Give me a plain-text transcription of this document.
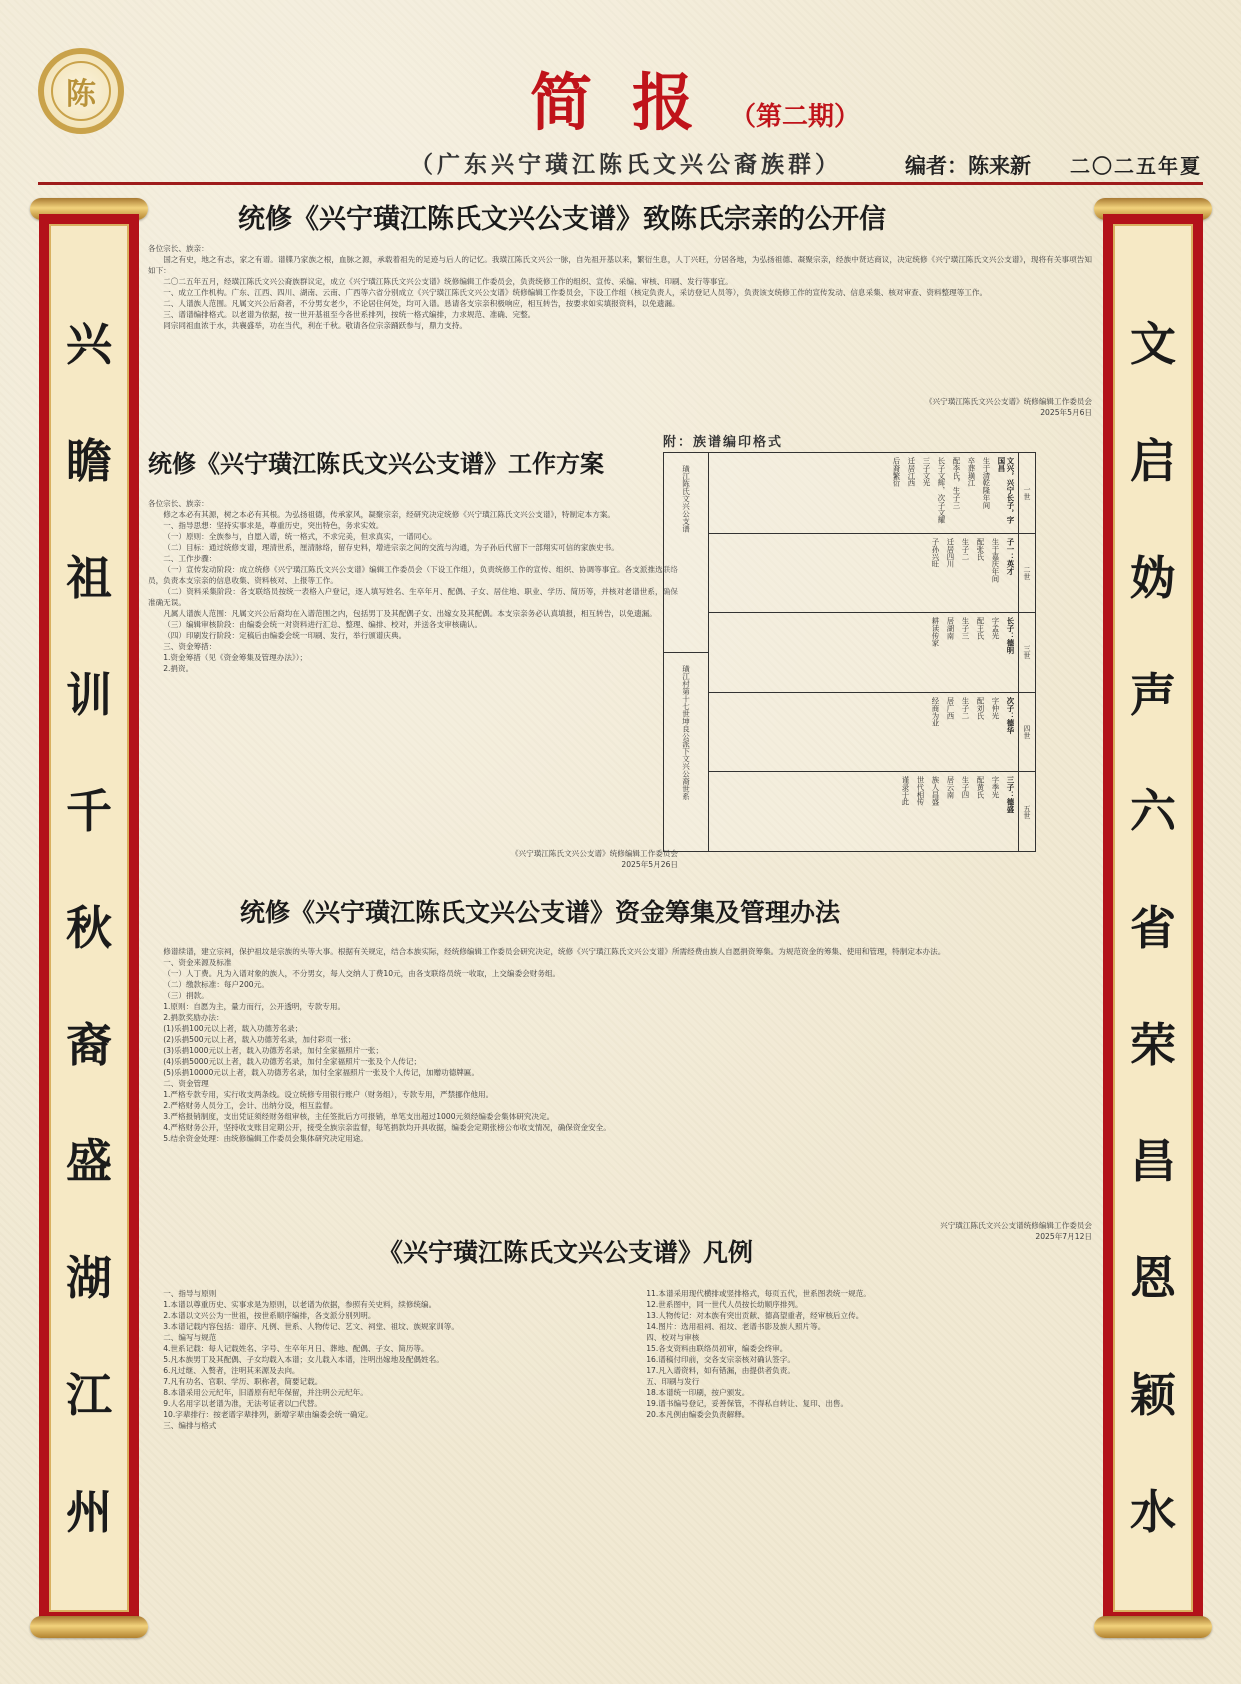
陈	简报
（第二期）
（广东兴宁璜江陈氏文兴公裔族群）	编者：陈来新 二〇二五年夏
兴
瞻
祖
训
千
秋
裔
盛
湖
江
州
文
启
妫
声
六
省
荣
昌
恩
颖
水
统修《兴宁璜江陈氏文兴公支谱》致陈氏宗亲的公开信

各位宗长、族亲：

国之有史，地之有志，家之有谱。谱牒乃家族之根，血脉之源，承载着祖先的足迹与后人的记忆。我璜江陈氏文兴公一脉，自先祖开基以来，繁衍生息，人丁兴旺，分居各地，为弘扬祖德、凝聚宗亲，经族中贤达商议，决定统修《兴宁璜江陈氏文兴公支谱》，现将有关事项告知如下：

二〇二五年五月，经璜江陈氏文兴公裔族群议定，成立《兴宁璜江陈氏文兴公支谱》统修编辑工作委员会，负责统修工作的组织、宣传、采编、审核、印刷、发行等事宜。

一、成立工作机构。广东、江西、四川、湖南、云南、广西等六省分别成立《兴宁璜江陈氏文兴公支谱》统修编辑工作委员会，下设工作组（核定负责人，采访登记人员等），负责该支统修工作的宣传发动、信息采集、核对审查、资料整理等工作。

二、人谱族人范围。凡属文兴公后裔者，不分男女老少，不论居住何处，均可入谱。恳请各支宗亲积极响应，相互转告，按要求如实填报资料，以免遗漏。

三、谱谱编排格式。以老谱为依据，按一世开基祖至今各世系排列，按统一格式编排，力求规范、准确、完整。

同宗同祖血浓于水，共襄盛举，功在当代，利在千秋。敬请各位宗亲踊跃参与，鼎力支持。

《兴宁璜江陈氏文兴公支谱》统修编辑工作委员会
2025年5月6日
统修《兴宁璜江陈氏文兴公支谱》工作方案

各位宗长、族亲：

修之本必有其源，树之本必有其根。为弘扬祖德，传承家风，凝聚宗亲，经研究决定统修《兴宁璜江陈氏文兴公支谱》，特制定本方案。

一、指导思想：坚持实事求是，尊重历史，突出特色，务求实效。

（一）原则：全族参与，自愿入谱，统一格式，不求完美，但求真实，一谱同心。

（二）目标：通过统修支谱，理清世系，厘清脉络，留存史料，增进宗亲之间的交流与沟通，为子孙后代留下一部翔实可信的家族史书。

二、工作步骤：

（一）宣传发动阶段：成立统修《兴宁璜江陈氏文兴公支谱》编辑工作委员会（下设工作组），负责统修工作的宣传、组织、协调等事宜。各支派推选联络员，负责本支宗亲的信息收集、资料核对、上报等工作。

（二）资料采集阶段：各支联络员按统一表格入户登记，逐人填写姓名、生卒年月、配偶、子女、居住地、职业、学历、简历等，并核对老谱世系，确保准确无误。

凡属人谱族人范围：凡属文兴公后裔均在入谱范围之内，包括男丁及其配偶子女、出嫁女及其配偶。本支宗亲务必认真填报，相互转告，以免遗漏。

（三）编辑审核阶段：由编委会统一对资料进行汇总、整理、编排、校对，并送各支审核确认。

（四）印刷发行阶段：定稿后由编委会统一印刷、发行，举行颁谱庆典。

三、资金筹措：

1.资金筹措（见《资金筹集及管理办法》）；

2.捐资。

《兴宁璜江陈氏文兴公支谱》统修编辑工作委员会
2025年5月26日
附：族谱编印格式
璜江陈氏文兴公支谱
璜江村第十七世坤良公派下文兴公裔世系
文兴，兴宁长子，字国昌
生于清乾隆年间
卒葬璜江
配李氏，生子三
长子文辉，次子文耀
三子文光
迁居江西
后裔繁衍
子一：英才
生于嘉庆年间
配张氏
生子二
迁居四川
子孙兴旺
长子：德明
字孟光
配王氏
生子三
居湖南
耕读传家
次子：德华
字仲光
配刘氏
生子二
居广西
经商为业
三子：德盛
字季光
配黄氏
生子四
居云南
族人昌盛
世代相传
谨录于此
一世
二世
三世
四世
五世
统修《兴宁璜江陈氏文兴公支谱》资金筹集及管理办法

修谱续谱，建立宗祠，保护祖坟是宗族的头等大事。根据有关规定，结合本族实际，经统修编辑工作委员会研究决定，统修《兴宁璜江陈氏文兴公支谱》所需经费由族人自愿捐资筹集。为规范资金的筹集、使用和管理，特制定本办法。

一、资金来源及标准

（一）人丁费。凡为入谱对象的族人，不分男女，每人交纳人丁费10元，由各支联络员统一收取，上交编委会财务组。

（二）缴款标准：每户200元。

（三）捐款。

1.原则：自愿为主，量力而行，公开透明，专款专用。

2.捐款奖励办法：

(1)乐捐100元以上者，载入功德芳名录；

(2)乐捐500元以上者，载入功德芳名录，加付彩页一张；

(3)乐捐1000元以上者，载入功德芳名录，加付全家福照片一张；

(4)乐捐5000元以上者，载入功德芳名录，加付全家福照片一张及个人传记；

(5)乐捐10000元以上者，载入功德芳名录，加付全家福照片一张及个人传记，加赠功德牌匾。

二、资金管理

1.严格专款专用，实行收支两条线。设立统修专用银行账户（财务组），专款专用，严禁挪作他用。

2.严格财务人员分工，会计、出纳分设，相互监督。

3.严格报销制度，支出凭证须经财务组审核，主任签批后方可报销，单笔支出超过1000元须经编委会集体研究决定。

4.严格财务公开，坚持收支账目定期公开，接受全族宗亲监督，每笔捐款均开具收据，编委会定期张榜公布收支情况，确保资金安全。

5.结余资金处理：由统修编辑工作委员会集体研究决定用途。

兴宁璜江陈氏文兴公支谱统修编辑工作委员会
2025年7月12日
《兴宁璜江陈氏文兴公支谱》凡例

一、指导与原则

1.本谱以尊重历史、实事求是为原则，以老谱为依据，参照有关史料，续修统编。

2.本谱以文兴公为一世祖，按世系顺序编排，各支派分别列明。

3.本谱记载内容包括：谱序、凡例、世系、人物传记、艺文、祠堂、祖坟、族规家训等。

二、编写与规范

4.世系记载：每人记载姓名、字号、生卒年月日、葬地、配偶、子女、简历等。

5.凡本族男丁及其配偶、子女均载入本谱；女儿载入本谱，注明出嫁地及配偶姓名。

6.凡过继、入赘者，注明其来源及去向。

7.凡有功名、官职、学历、职称者，简要记载。

8.本谱采用公元纪年，旧谱原有纪年保留，并注明公元纪年。

9.人名用字以老谱为准，无法考证者以□代替。

10.字辈排行：按老谱字辈排列，新增字辈由编委会统一确定。

三、编排与格式

11.本谱采用现代横排或竖排格式，每页五代，世系图表统一规范。

12.世系图中，同一世代人员按长幼顺序排列。

13.人物传记：对本族有突出贡献、德高望重者，经审核后立传。

14.图片：选用祖祠、祖坟、老谱书影及族人照片等。

四、校对与审核

15.各支资料由联络员初审，编委会终审。

16.谱稿付印前，交各支宗亲核对确认签字。

17.凡入谱资料，如有错漏，由提供者负责。

五、印刷与发行

18.本谱统一印刷，按户颁发。

19.谱书编号登记，妥善保管，不得私自转让、复印、出售。

20.本凡例由编委会负责解释。
